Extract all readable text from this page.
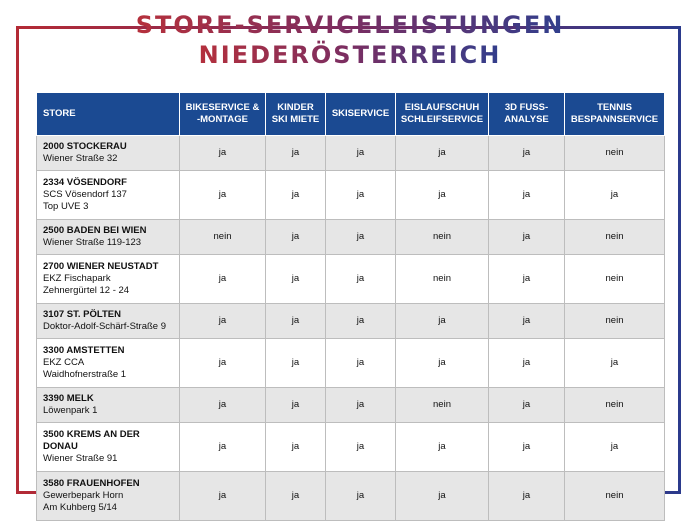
STORE-SERVICELEISTUNGEN
NIEDERÖSTERREICH
STORE	BIKESERVICE & -MONTAGE	KINDER SKI MIETE	SKISERVICE	EISLAUFSCHUH SCHLEIFSERVICE	3D FUSS-ANALYSE	TENNIS BESPANNSERVICE

2000 STOCKERAU
Wiener Straße 32	ja	ja	ja	ja	ja	nein

2334 VÖSENDORF
SCS Vösendorf 137
Top UVE 3	ja	ja	ja	ja	ja	ja

2500 BADEN BEI WIEN
Wiener Straße 119-123	nein	ja	ja	nein	ja	nein

2700 WIENER NEUSTADT
EKZ Fischapark
Zehnergürtel 12 - 24	ja	ja	ja	nein	ja	nein

3107 ST. PÖLTEN
Doktor-Adolf-Schärf-Straße 9	ja	ja	ja	ja	ja	nein

3300 AMSTETTEN
EKZ CCA
Waidhofnerstraße 1	ja	ja	ja	ja	ja	ja

3390 MELK
Löwenpark 1	ja	ja	ja	nein	ja	nein

3500 KREMS AN DER DONAU
Wiener Straße 91	ja	ja	ja	ja	ja	ja

3580 FRAUENHOFEN
Gewerbepark Horn
Am Kuhberg 5/14	ja	ja	ja	ja	ja	nein
